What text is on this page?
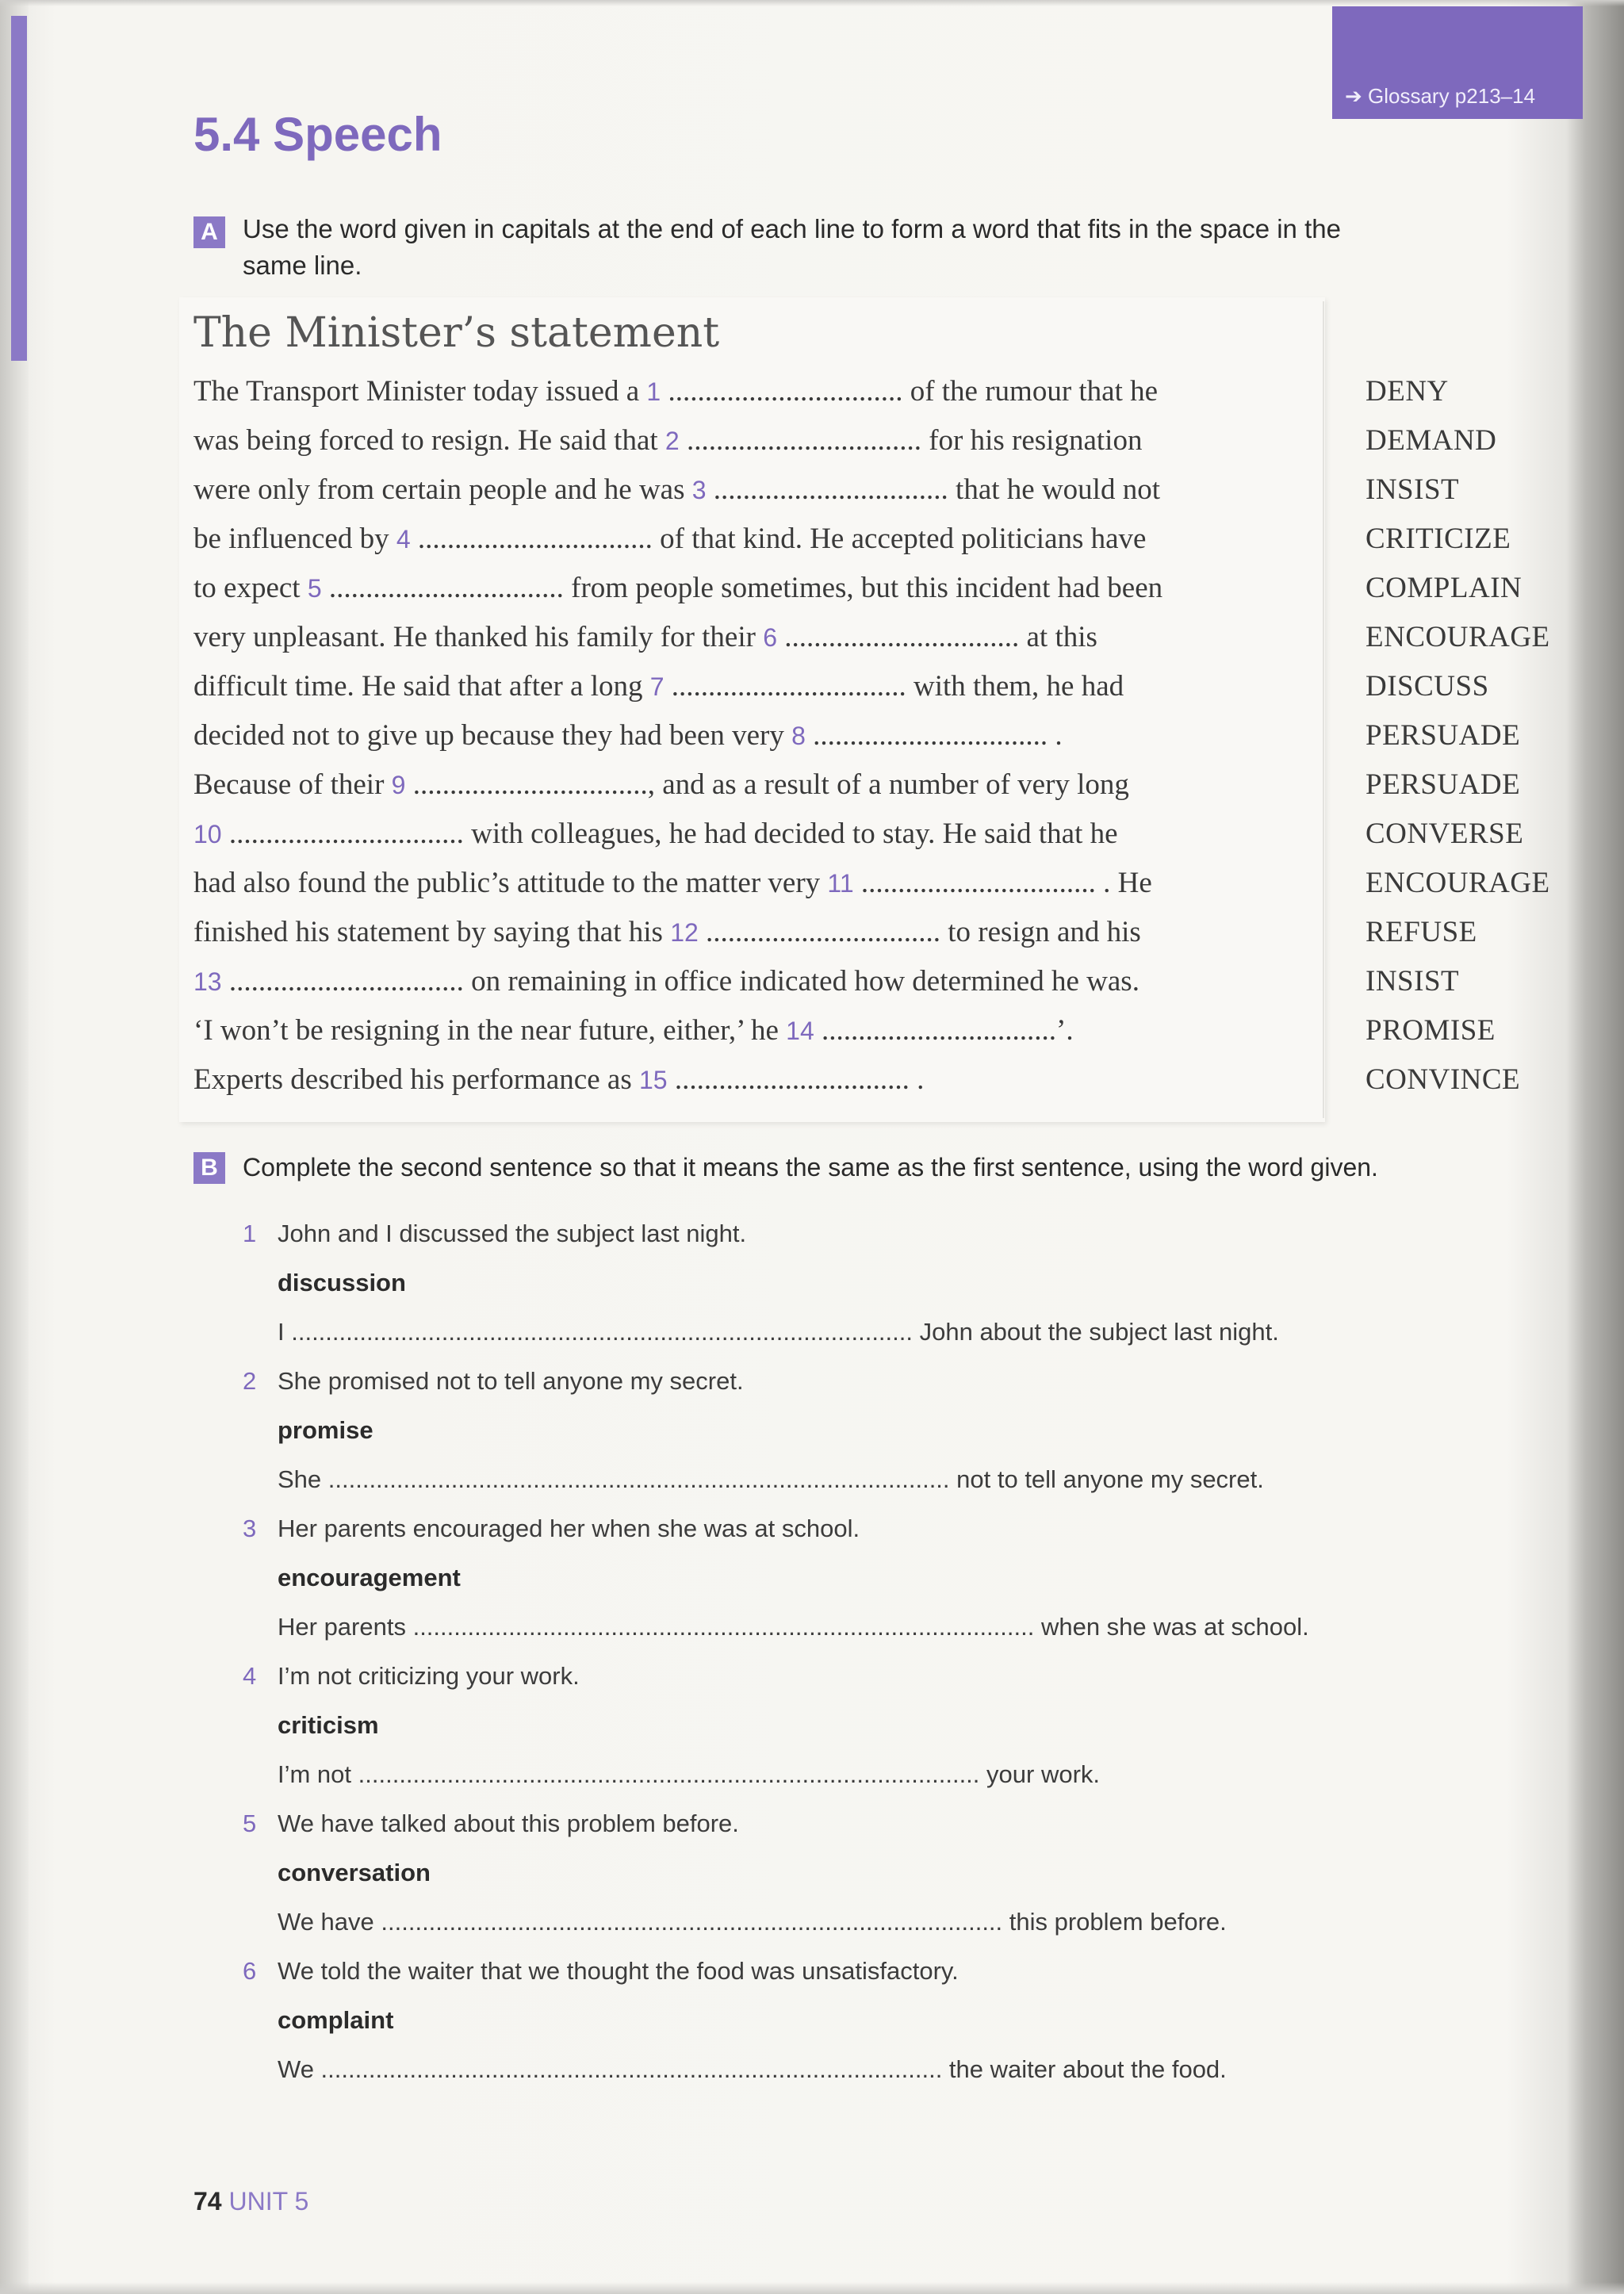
➔ Glossary p213–14
5.4 Speech
A Use the word given in capitals at the end of each line to form a word that fits in the space in the
same line.
The Minister’s statement
The Transport Minister today issued a 1 ................................ of the rumour that he
was being forced to resign. He said that 2 ................................ for his resignation
were only from certain people and he was 3 ................................ that he would not
be influenced by 4 ................................ of that kind. He accepted politicians have
to expect 5 ................................ from people sometimes, but this incident had been
very unpleasant. He thanked his family for their 6 ................................ at this
difficult time. He said that after a long 7 ................................ with them, he had
decided not to give up because they had been very 8 ................................ .
Because of their 9 ................................, and as a result of a number of very long
10 ................................ with colleagues, he had decided to stay. He said that he
had also found the public’s attitude to the matter very 11 ................................ . He
finished his statement by saying that his 12 ................................ to resign and his
13 ................................ on remaining in office indicated how determined he was.
‘I won’t be resigning in the near future, either,’ he 14 ................................’.
Experts described his performance as 15 ................................ .
DENY
DEMAND
INSIST
CRITICIZE
COMPLAIN
ENCOURAGE
DISCUSS
PERSUADE
PERSUADE
CONVERSE
ENCOURAGE
REFUSE
INSIST
PROMISE
CONVINCE
B Complete the second sentence so that it means the same as the first sentence, using the word given.
1 John and I discussed the subject last night.
discussion
I ........................................................................................... John about the subject last night.
2 She promised not to tell anyone my secret.
promise
She ........................................................................................... not to tell anyone my secret.
3 Her parents encouraged her when she was at school.
encouragement
Her parents ........................................................................................... when she was at school.
4 I’m not criticizing your work.
criticism
I’m not ........................................................................................... your work.
5 We have talked about this problem before.
conversation
We have ........................................................................................... this problem before.
6 We told the waiter that we thought the food was unsatisfactory.
complaint
We ........................................................................................... the waiter about the food.
74 UNIT 5
